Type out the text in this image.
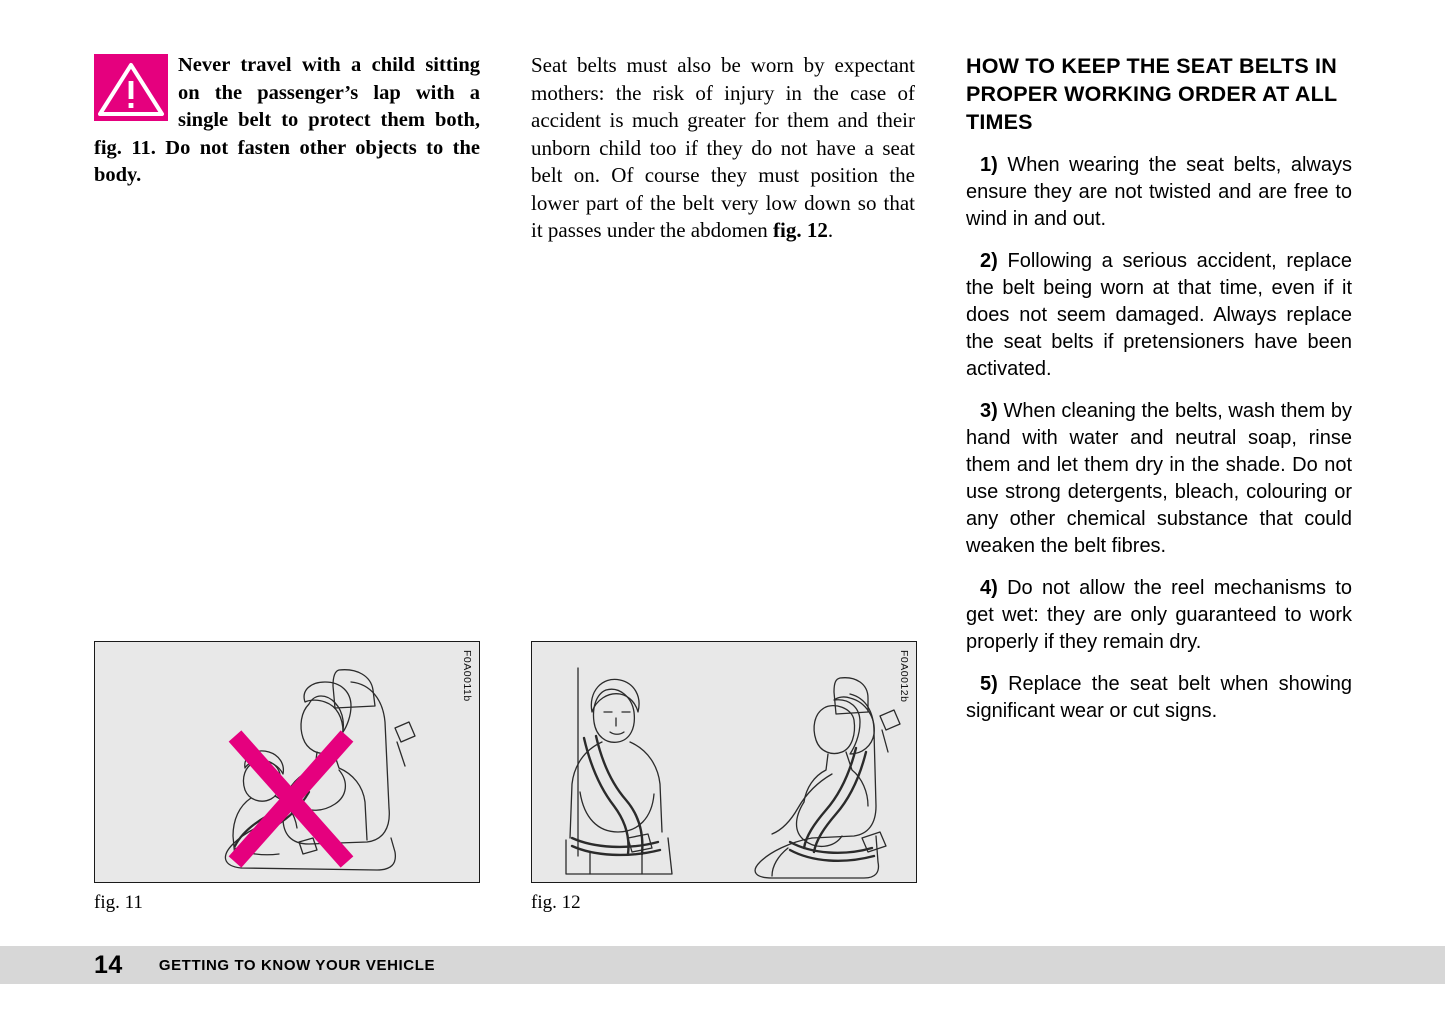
Never travel with a child sitting on the passenger’s lap with a single belt to protect them both, fig. 11. Do not fasten other objects to the body.

Seat belts must also be worn by expectant mothers: the risk of injury in the case of accident is much greater for them and their unborn child too if they do not have a seat belt on. Of course they must position the lower part of the belt very low down so that it passes under the abdomen fig. 12.

HOW TO KEEP THE SEAT BELTS IN PROPER WORKING ORDER AT ALL TIMES

1) When wearing the seat belts, always ensure they are not twisted and are free to wind in and out.

2) Following a serious accident, replace the belt being worn at that time, even if it does not seem damaged. Always replace the seat belts if pretensioners have been activated.

3) When cleaning the belts, wash them by hand with water and neutral soap, rinse them and let them dry in the shade. Do not use strong detergents, bleach, colouring or any other chemical substance that could weaken the belt fibres.

4) Do not allow the reel mechanisms to get wet: they are only guaranteed to work properly if they remain dry.

5) Replace the seat belt when showing significant wear or cut signs.

F0A0011b
fig. 11
F0A0012b
fig. 12
14 GETTING TO KNOW YOUR VEHICLE
